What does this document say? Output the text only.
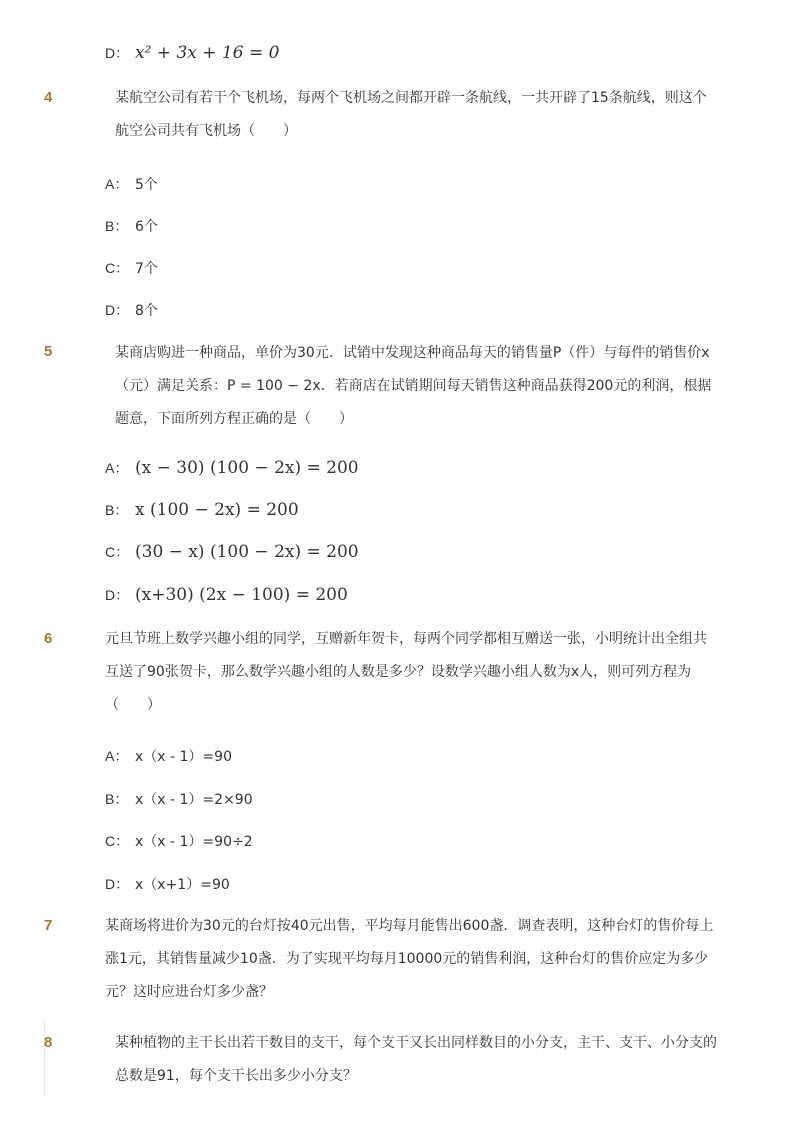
D： x² + 3x + 16 = 0
4	某航空公司有若干个飞机场，每两个飞机场之间都开辟一条航线，一共开辟了15条航线，则这个航空公司共有飞机场（　　）
A： 5个
B： 6个
C： 7个
D： 8个
5	某商店购进一种商品，单价为30元．试销中发现这种商品每天的销售量P（件）与每件的销售价x（元）满足关系：P = 100 − 2x．若商店在试销期间每天销售这种商品获得200元的利润，根据题意，下面所列方程正确的是（　　）
A： (x − 30) (100 − 2x) = 200
B： x (100 − 2x) = 200
C： (30 − x) (100 − 2x) = 200
D： (x+30) (2x − 100) = 200
6	元旦节班上数学兴趣小组的同学，互赠新年贺卡，每两个同学都相互赠送一张，小明统计出全组共互送了90张贺卡，那么数学兴趣小组的人数是多少？设数学兴趣小组人数为x人，则可列方程为（　　）
A： x（x - 1）=90
B： x（x - 1）=2×90
C： x（x - 1）=90÷2
D： x（x+1）=90
7	某商场将进价为30元的台灯按40元出售，平均每月能售出600盏．调查表明，这种台灯的售价每上涨1元，其销售量减少10盏．为了实现平均每月10000元的销售利润，这种台灯的售价应定为多少元？这时应进台灯多少盏？
8	某种植物的主干长出若干数目的支干，每个支干又长出同样数目的小分支，主干、支干、小分支的总数是91，每个支干长出多少小分支？
